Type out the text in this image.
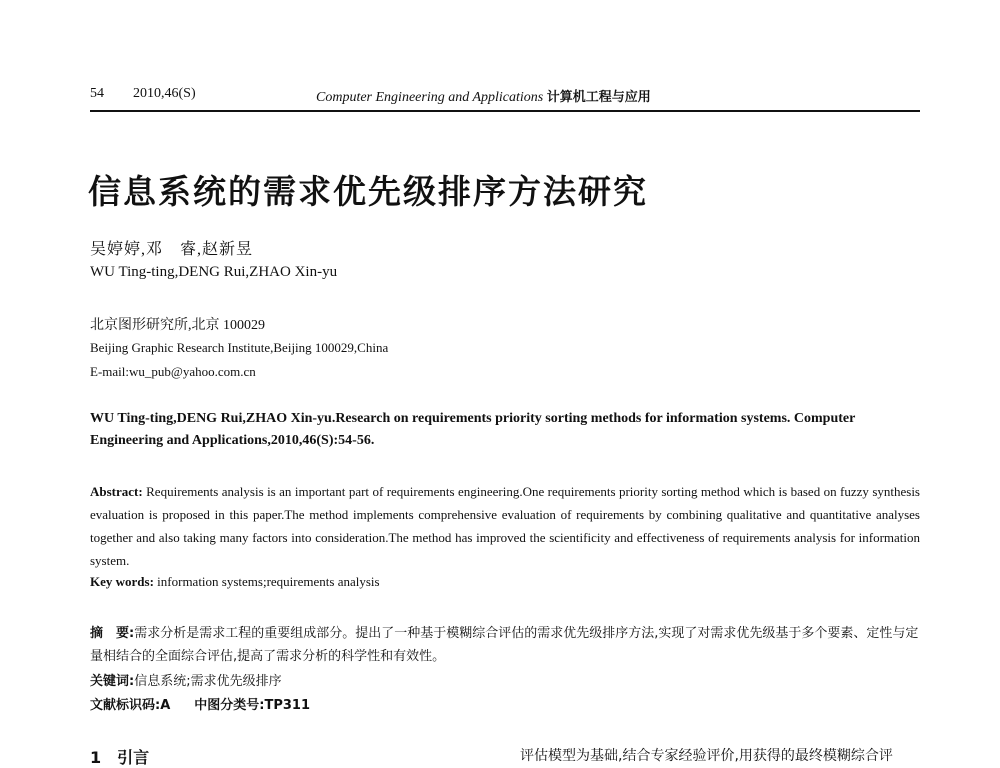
54 2010,46(S)	Computer Engineering and Applications 计算机工程与应用
信息系统的需求优先级排序方法研究
吴婷婷,邓　睿,赵新昱
WU Ting-ting,DENG Rui,ZHAO Xin-yu
北京图形研究所,北京 100029
Beijing Graphic Research Institute,Beijing 100029,China
E-mail:wu_pub@yahoo.com.cn
WU Ting-ting,DENG Rui,ZHAO Xin-yu.Research on requirements priority sorting methods for information systems. Computer Engineering and Applications,2010,46(S):54-56.
Abstract: Requirements analysis is an important part of requirements engineering.One requirements priority sorting method which is based on fuzzy synthesis evaluation is proposed in this paper.The method implements comprehensive evaluation of requirements by combining qualitative and quantitative analyses together and also taking many factors into consideration.The method has improved the scientificity and effectiveness of requirements analysis for information system.
Key words: information systems;requirements analysis
摘　要:需求分析是需求工程的重要组成部分。提出了一种基于模糊综合评估的需求优先级排序方法,实现了对需求优先级基于多个要素、定性与定量相结合的全面综合评估,提高了需求分析的科学性和有效性。
关键词:信息系统;需求优先级排序
文献标识码:A 中图分类号:TP311
1　引言	评估模型为基础,结合专家经验评价,用获得的最终模糊综合评
